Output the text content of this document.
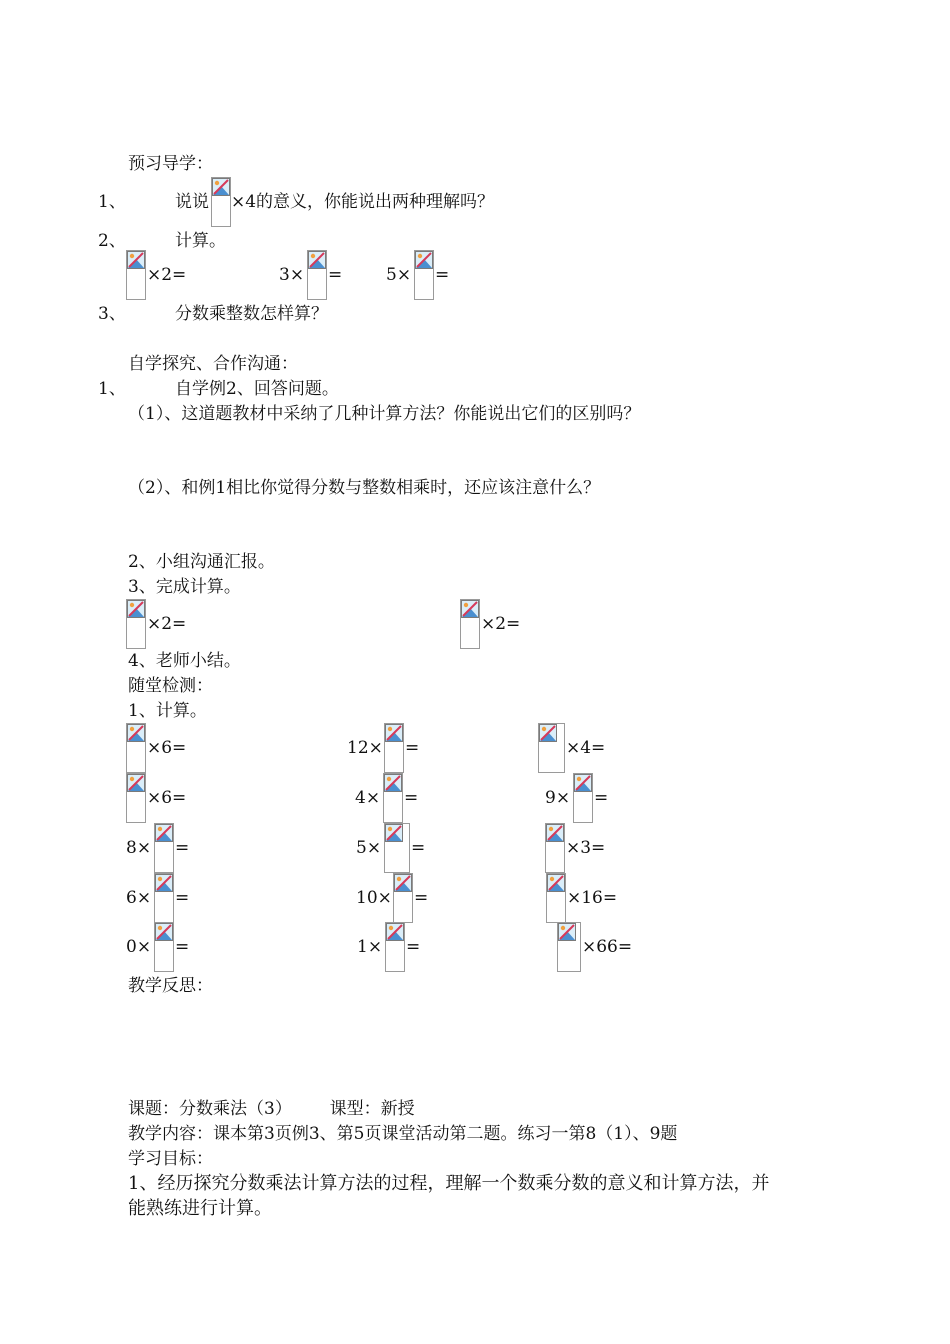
预习导学：
1、	说说 ×4的意义，你能说出两种理解吗？
2、	计算。
×2=	3× =	5× =
3、	分数乘整数怎样算？
自学探究、合作沟通：
1、	自学例2、回答问题。
（1）、这道题教材中采纳了几种计算方法？你能说出它们的区别吗？
（2）、和例1相比你觉得分数与整数相乘时，还应该注意什么？
2、小组沟通汇报。
3、完成计算。
×2=	×2=
4、老师小结。
随堂检测：
1、计算。
×6=	12× =	×4=
×6=	4× =	9× =
8× =	5× =	×3=
6× =	10× =	×16=
0× =	1× =	×66=
教学反思：
课题：分数乘法（3）       课型：新授
教学内容：课本第3页例3、第5页课堂活动第二题。练习一第8（1）、9题
学习目标：
1、经历探究分数乘法计算方法的过程，理解一个数乘分数的意义和计算方法，并
能熟练进行计算。
